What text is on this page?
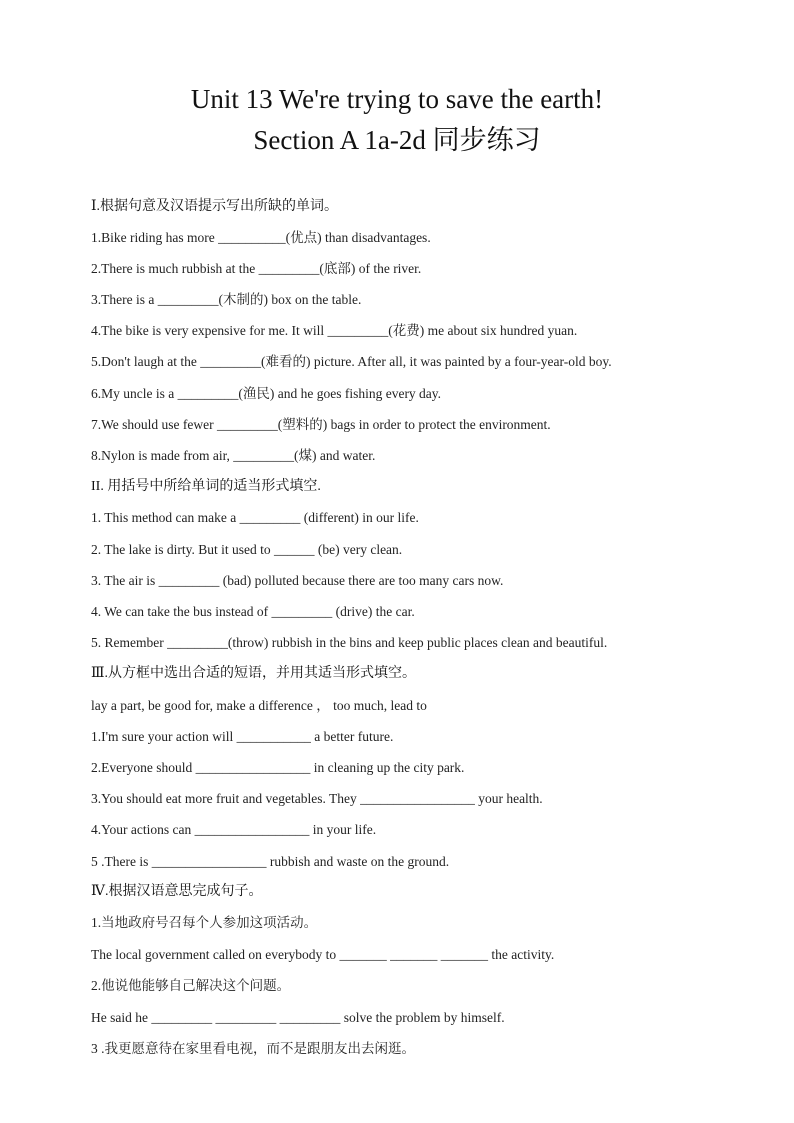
Unit 13 We're trying to save the earth!
Section A 1a-2d 同步练习
Ⅰ.根据句意及汉语提示写出所缺的单词。
1.Bike riding has more __________(优点) than disadvantages.
2.There is much rubbish at the _________(底部) of the river.
3.There is a _________(木制的) box on the table.
4.The bike is very expensive for me. It will _________(花费) me about six hundred yuan.
5.Don't laugh at the _________(难看的) picture. After all, it was painted by a four-year-old boy.
6.My uncle is a _________(渔民) and he goes fishing every day.
7.We should use fewer _________(塑料的) bags in order to protect the environment.
8.Nylon is made from air, _________(煤) and water.
II. 用括号中所给单词的适当形式填空.
1. This method can make a _________ (different) in our life.
2. The lake is dirty. But it used to ______ (be) very clean.
3. The air is _________ (bad) polluted because there are too many cars now.
4. We can take the bus instead of _________ (drive) the car.
5. Remember _________(throw) rubbish in the bins and keep public places clean and beautiful.
Ⅲ.从方框中选出合适的短语，并用其适当形式填空。
lay a part, be good for, make a difference ， too much, lead to
1.I'm sure your action will ___________ a better future.
2.Everyone should _________________ in cleaning up the city park.
3.You should eat more fruit and vegetables. They _________________ your health.
4.Your actions can _________________ in your life.
5 .There is _________________ rubbish and waste on the ground.
Ⅳ.根据汉语意思完成句子。
1.当地政府号召每个人参加这项活动。
The local government called on everybody to _______ _______ _______ the activity.
2.他说他能够自己解决这个问题。
He said he _________ _________ _________ solve the problem by himself.
3 .我更愿意待在家里看电视，而不是跟朋友出去闲逛。
